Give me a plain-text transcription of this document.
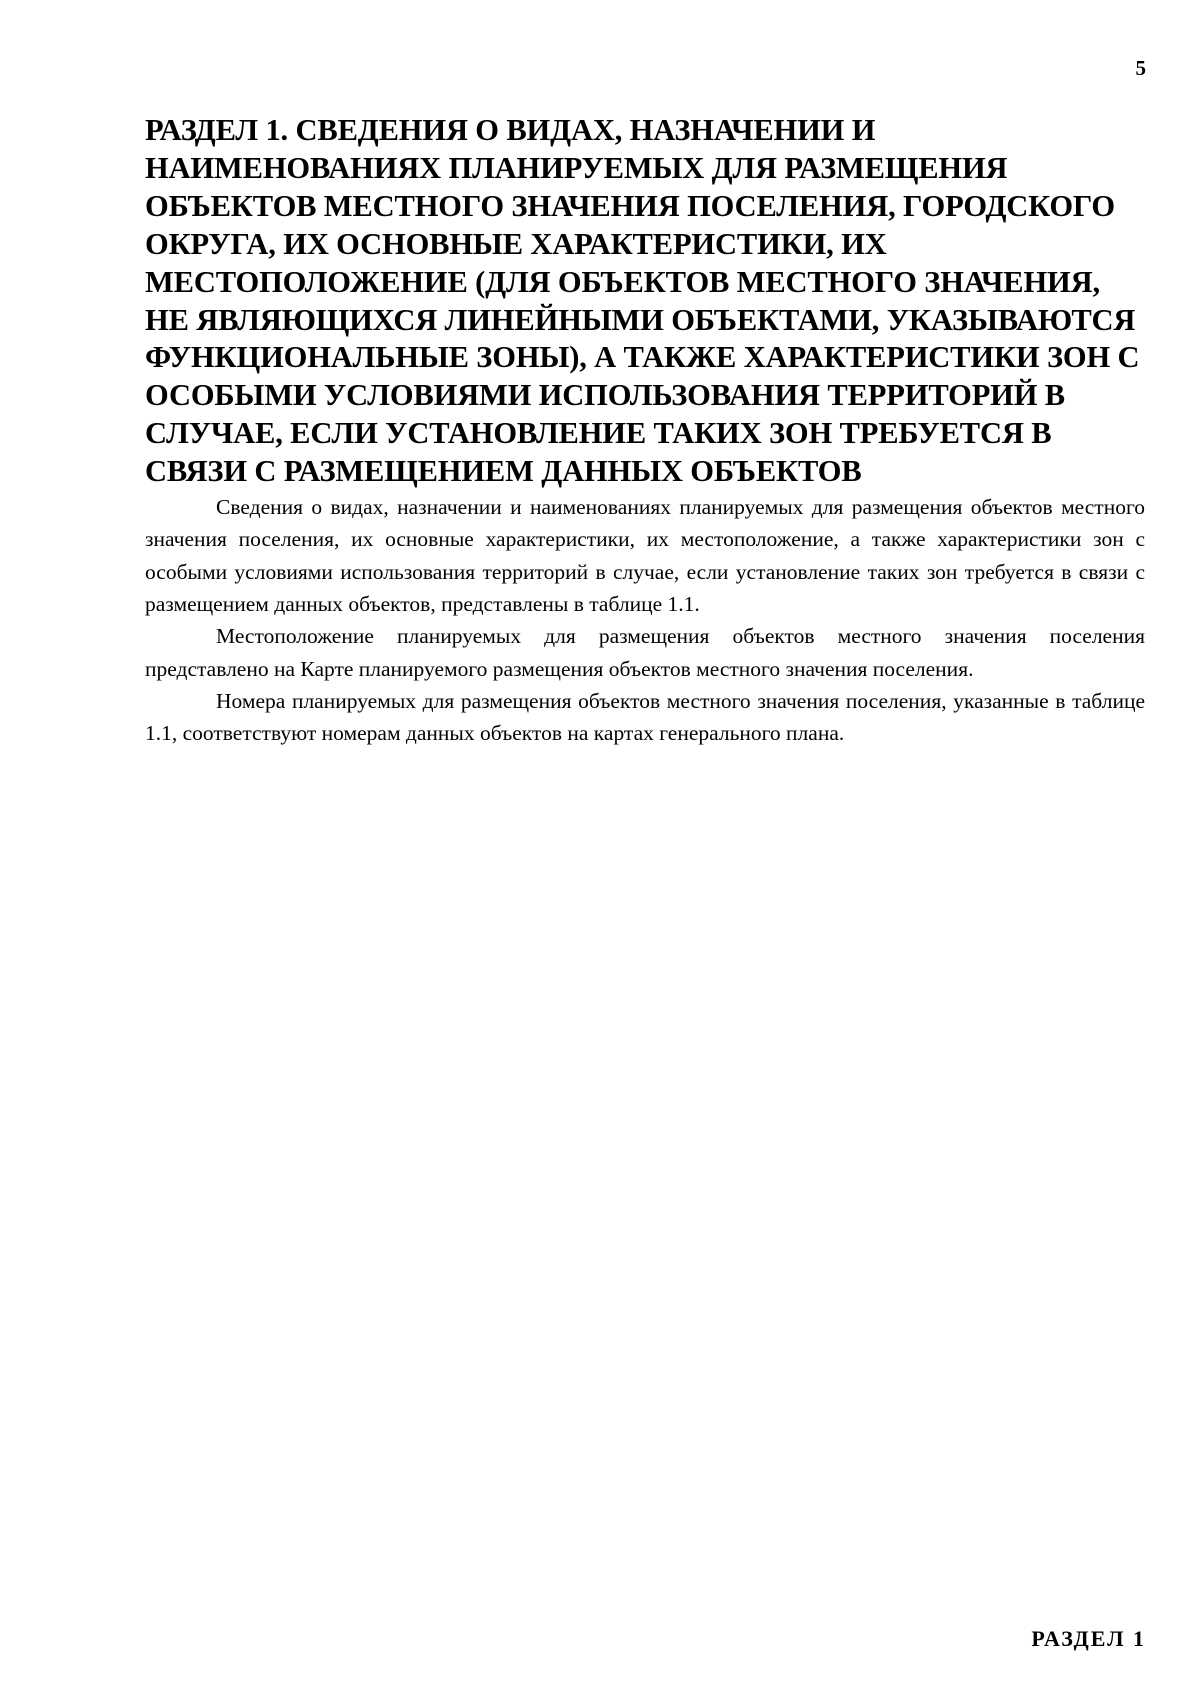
5
РАЗДЕЛ 1. СВЕДЕНИЯ О ВИДАХ, НАЗНАЧЕНИИ И НАИМЕНОВАНИЯХ ПЛАНИРУЕМЫХ ДЛЯ РАЗМЕЩЕНИЯ ОБЪЕКТОВ МЕСТНОГО ЗНАЧЕНИЯ ПОСЕЛЕНИЯ, ГОРОДСКОГО ОКРУГА, ИХ ОСНОВНЫЕ ХАРАКТЕРИСТИКИ, ИХ МЕСТОПОЛОЖЕНИЕ (ДЛЯ ОБЪЕКТОВ МЕСТНОГО ЗНАЧЕНИЯ, НЕ ЯВЛЯЮЩИХСЯ ЛИНЕЙНЫМИ ОБЪЕКТАМИ, УКАЗЫВАЮТСЯ ФУНКЦИОНАЛЬНЫЕ ЗОНЫ), А ТАКЖЕ ХАРАКТЕРИСТИКИ ЗОН С ОСОБЫМИ УСЛОВИЯМИ ИСПОЛЬЗОВАНИЯ ТЕРРИТОРИЙ В СЛУЧАЕ, ЕСЛИ УСТАНОВЛЕНИЕ ТАКИХ ЗОН ТРЕБУЕТСЯ В СВЯЗИ С РАЗМЕЩЕНИЕМ ДАННЫХ ОБЪЕКТОВ

Сведения о видах, назначении и наименованиях планируемых для размещения объектов местного значения поселения, их основные характеристики, их местоположение, а также характеристики зон с особыми условиями использования территорий в случае, если установление таких зон требуется в связи с размещением данных объектов, представлены в таблице 1.1.

Местоположение планируемых для размещения объектов местного значения поселения представлено на Карте планируемого размещения объектов местного значения поселения.

Номера планируемых для размещения объектов местного значения поселения, указанные в таблице 1.1, соответствуют номерам данных объектов на картах генерального плана.

РАЗДЕЛ 1
